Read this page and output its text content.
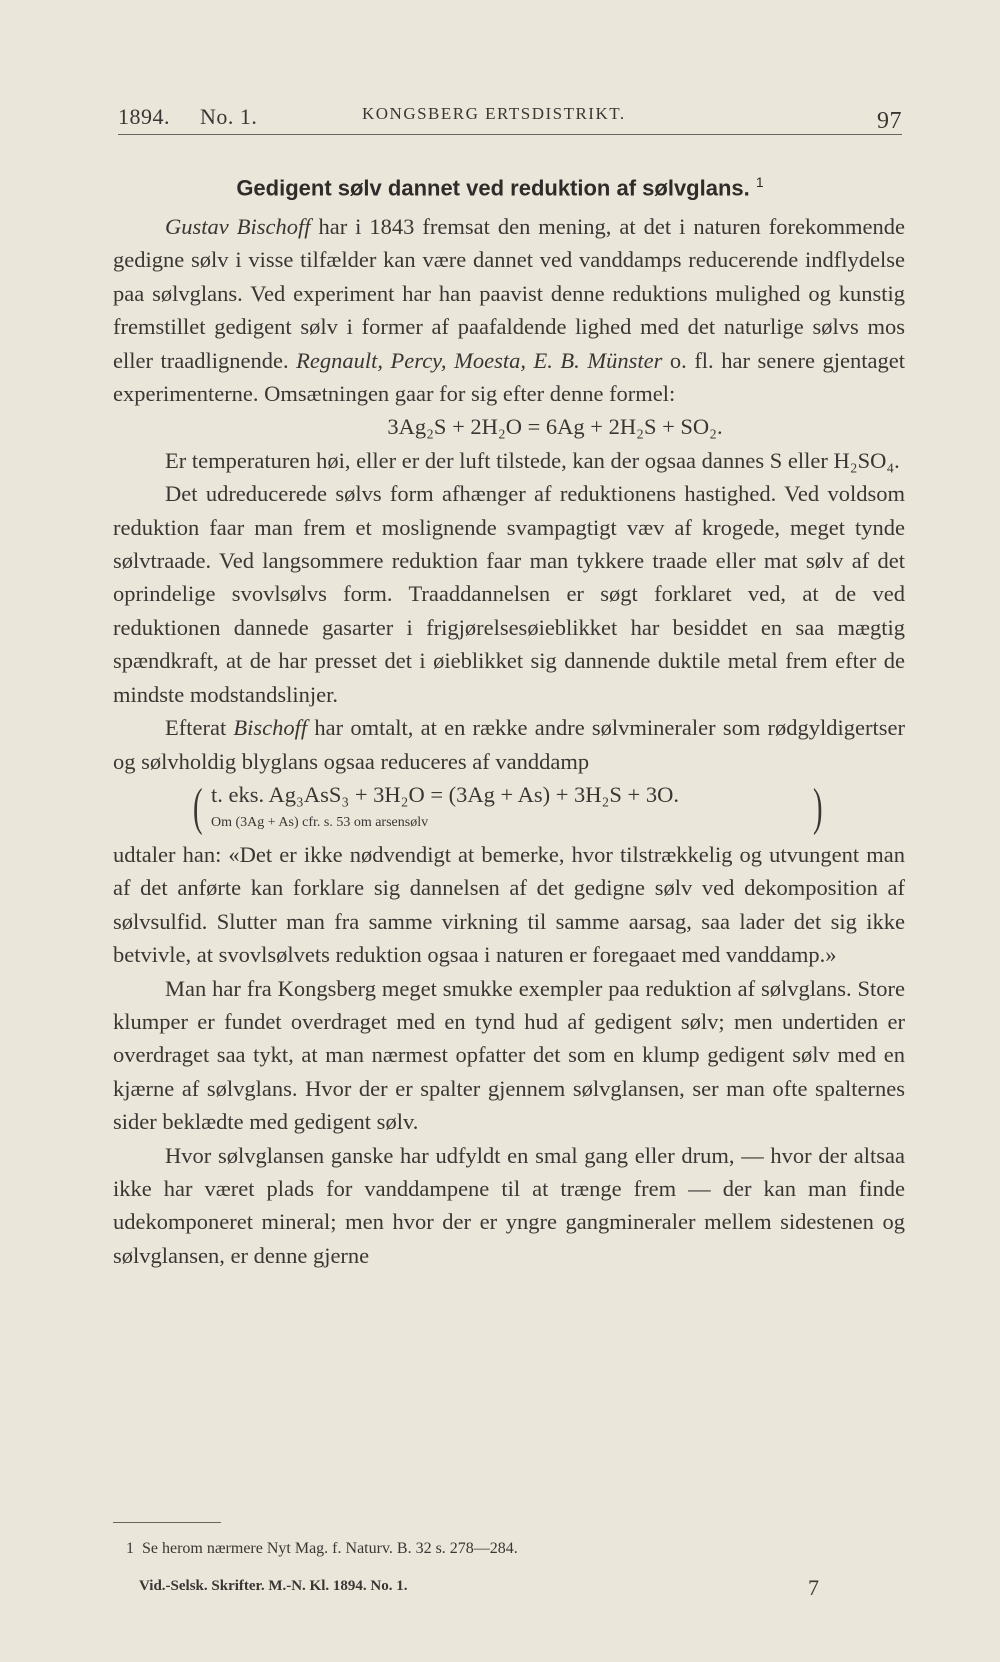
1894. No. 1.	KONGSBERG ERTSDISTRIKT.	97
Gedigent sølv dannet ved reduktion af sølvglans. $^1$

Gustav Bischoff har i 1843 fremsat den mening, at det i naturen forekommende gedigne sølv i visse tilfælder kan være dannet ved vanddamps reducerende indflydelse paa sølvglans. Ved experiment har han paavist denne reduktions mulighed og kunstig fremstillet gedigent sølv i former af paafaldende lighed med det naturlige sølvs mos eller traadlignende. Regnault, Percy, Moesta, E. B. Münster o. fl. har senere gjentaget experimenterne. Omsætningen gaar for sig efter denne formel:

3Ag₂S + 2H₂O = 6Ag + 2H₂S + SO₂.

Er temperaturen høi, eller er der luft tilstede, kan der ogsaa dannes S eller H₂SO₄.

Det udreducerede sølvs form afhænger af reduktionens hastighed. Ved voldsom reduktion faar man frem et moslignende svampagtigt væv af krogede, meget tynde sølvtraade. Ved langsommere reduktion faar man tykkere traade eller mat sølv af det oprindelige svovlsølvs form. Traaddannelsen er søgt forklaret ved, at de ved reduktionen dannede gasarter i frigjørelsesøieblikket har besiddet en saa mægtig spændkraft, at de har presset det i øieblikket sig dannende duktile metal frem efter de mindste modstandslinjer.

Efterat Bischoff har omtalt, at en række andre sølvmineraler som rødgyldigertser og sølvholdig blyglans ogsaa reduceres af vanddamp

( t. eks. Ag₃AsS₃ + 3H₂O = (3Ag + As) + 3H₂S + 3O.
Om (3Ag + As) cfr. s. 53 om arsensølv	)

udtaler han: «Det er ikke nødvendigt at bemerke, hvor tilstrækkelig og utvungent man af det anførte kan forklare sig dannelsen af det gedigne sølv ved dekomposition af sølvsulfid. Slutter man fra samme virkning til samme aarsag, saa lader det sig ikke betvivle, at svovlsølvets reduktion ogsaa i naturen er foregaaet med vanddamp.»

Man har fra Kongsberg meget smukke exempler paa reduktion af sølvglans. Store klumper er fundet overdraget med en tynd hud af gedigent sølv; men undertiden er overdraget saa tykt, at man nærmest opfatter det som en klump gedigent sølv med en kjærne af sølvglans. Hvor der er spalter gjennem sølvglansen, ser man ofte spalternes sider beklædte med gedigent sølv.

Hvor sølvglansen ganske har udfyldt en smal gang eller drum, — hvor der altsaa ikke har været plads for vanddampene til at trænge frem — der kan man finde udekomponeret mineral; men hvor der er yngre gangmineraler mellem sidestenen og sølvglansen, er denne gjerne

1 Se herom nærmere Nyt Mag. f. Naturv. B. 32 s. 278—284.
Vid.-Selsk. Skrifter. M.-N. Kl. 1894. No. 1.	7
